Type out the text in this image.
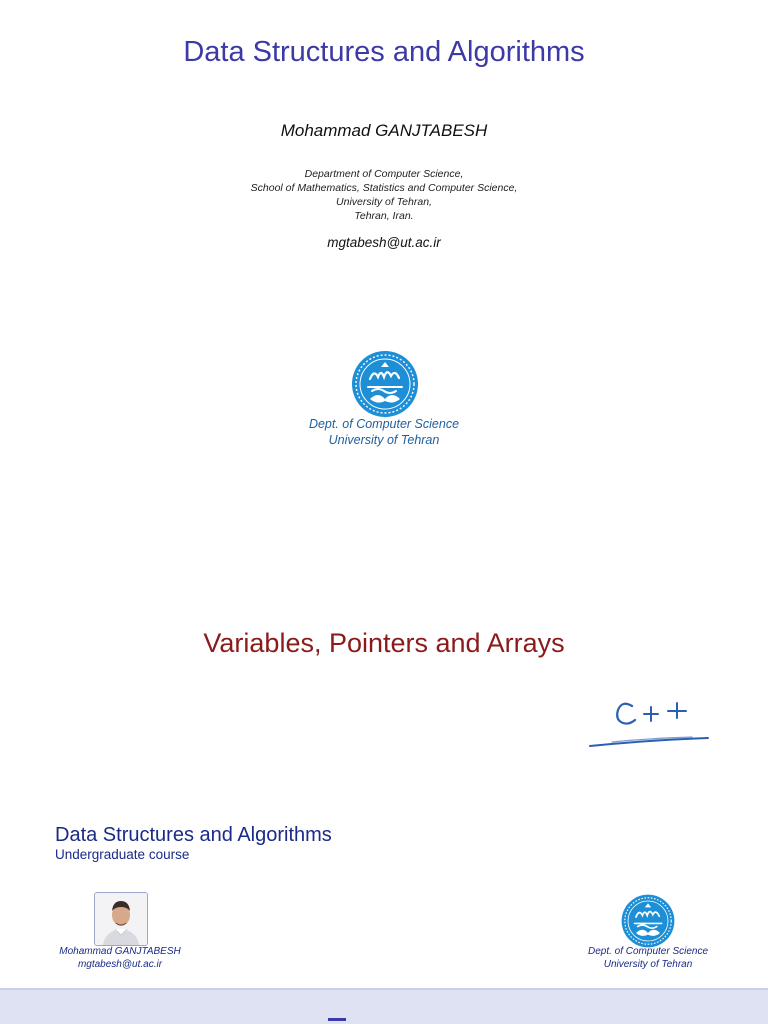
Data Structures and Algorithms
Mohammad GANJTABESH
Department of Computer Science,
School of Mathematics, Statistics and Computer Science,
University of Tehran,
Tehran, Iran.
mgtabesh@ut.ac.ir
Dept. of Computer Science
University of Tehran
Variables, Pointers and Arrays
Data Structures and Algorithms
Undergraduate course
Mohammad GANJTABESH
mgtabesh@ut.ac.ir
Dept. of Computer Science
University of Tehran
